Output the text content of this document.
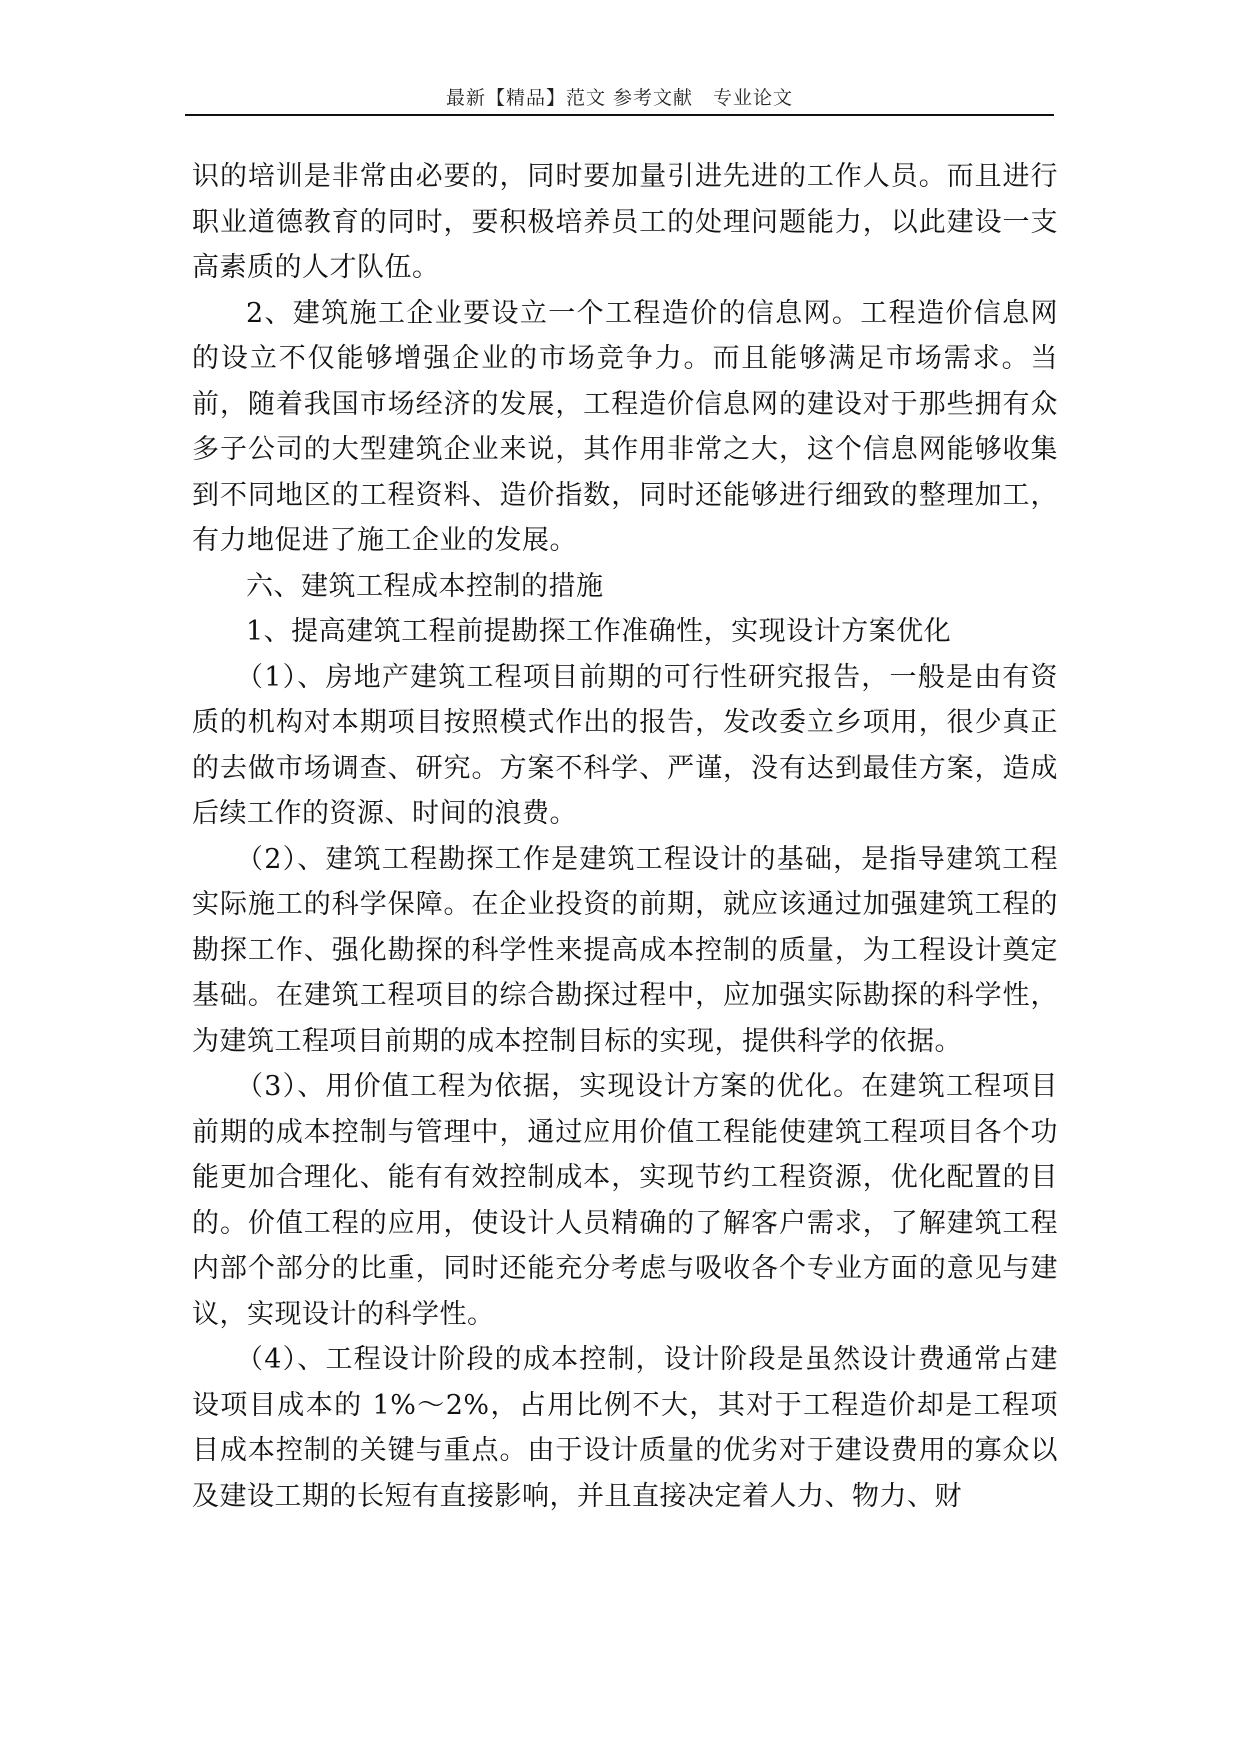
最新【精品】范文 参考文献　专业论文

识的培训是非常由必要的，同时要加量引进先进的工作人员。而且进行职业道德教育的同时，要积极培养员工的处理问题能力，以此建设一支高素质的人才队伍。

2、建筑施工企业要设立一个工程造价的信息网。工程造价信息网的设立不仅能够增强企业的市场竞争力。而且能够满足市场需求。当前，随着我国市场经济的发展，工程造价信息网的建设对于那些拥有众多子公司的大型建筑企业来说，其作用非常之大，这个信息网能够收集到不同地区的工程资料、造价指数，同时还能够进行细致的整理加工，有力地促进了施工企业的发展。

六、建筑工程成本控制的措施

1、提高建筑工程前提勘探工作准确性，实现设计方案优化

（1）、房地产建筑工程项目前期的可行性研究报告，一般是由有资质的机构对本期项目按照模式作出的报告，发改委立乡项用，很少真正的去做市场调查、研究。方案不科学、严谨，没有达到最佳方案，造成后续工作的资源、时间的浪费。

（2）、建筑工程勘探工作是建筑工程设计的基础，是指导建筑工程实际施工的科学保障。在企业投资的前期，就应该通过加强建筑工程的勘探工作、强化勘探的科学性来提高成本控制的质量，为工程设计奠定基础。在建筑工程项目的综合勘探过程中，应加强实际勘探的科学性，为建筑工程项目前期的成本控制目标的实现，提供科学的依据。

（3）、用价值工程为依据，实现设计方案的优化。在建筑工程项目前期的成本控制与管理中，通过应用价值工程能使建筑工程项目各个功能更加合理化、能有有效控制成本，实现节约工程资源，优化配置的目的。价值工程的应用，使设计人员精确的了解客户需求，了解建筑工程内部个部分的比重，同时还能充分考虑与吸收各个专业方面的意见与建议，实现设计的科学性。

（4）、工程设计阶段的成本控制，设计阶段是虽然设计费通常占建设项目成本的 1%～2%，占用比例不大，其对于工程造价却是工程项目成本控制的关键与重点。由于设计质量的优劣对于建设费用的寡众以及建设工期的长短有直接影响，并且直接决定着人力、物力、财
